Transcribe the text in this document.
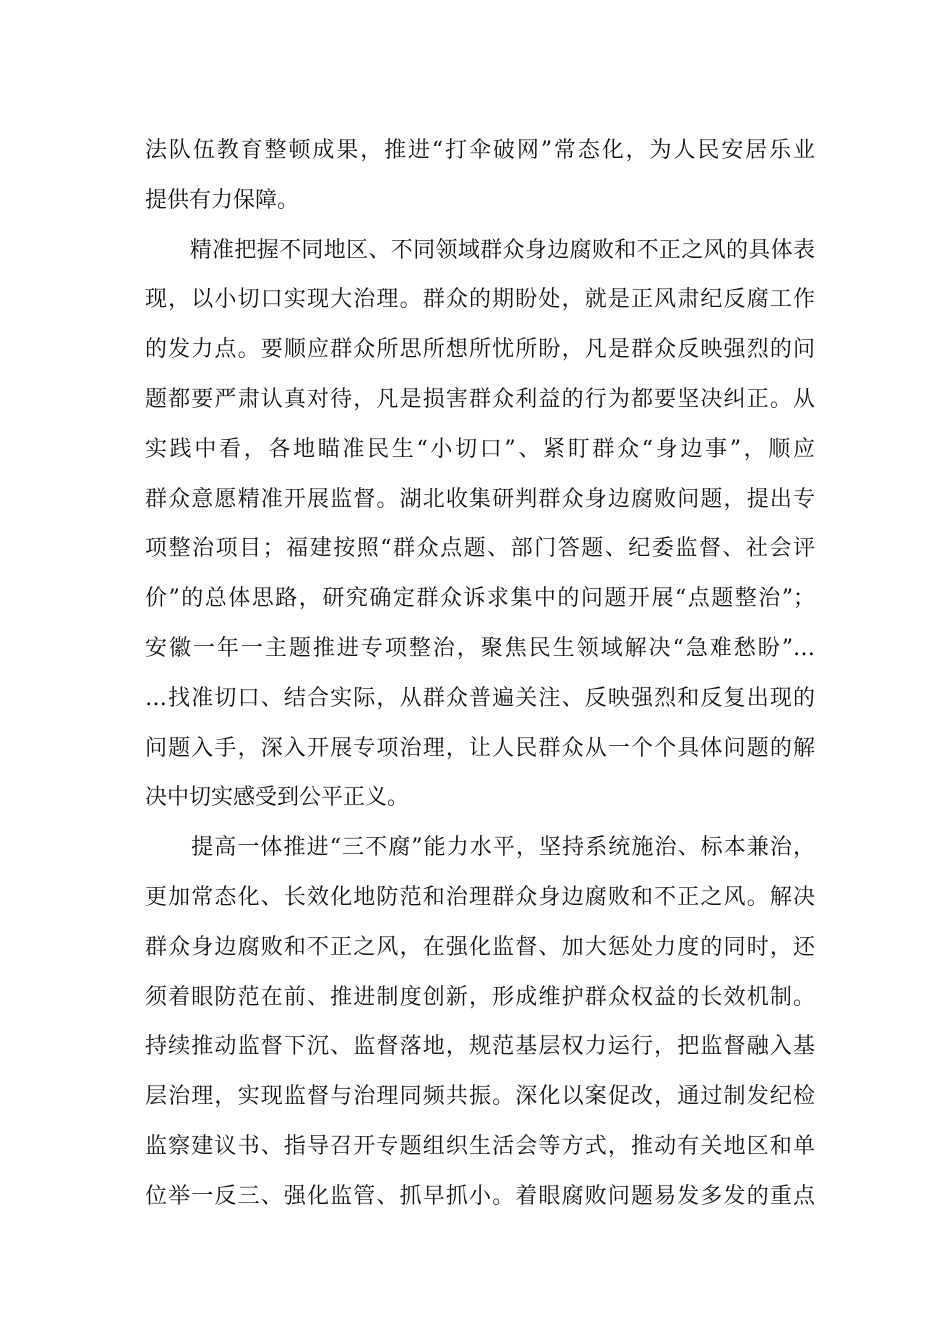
法队伍教育整顿成果，推进“打伞破网”常态化，为人民安居乐业
提供有力保障。
　　精准把握不同地区、不同领域群众身边腐败和不正之风的具体表
现，以小切口实现大治理。群众的期盼处，就是正风肃纪反腐工作
的发力点。要顺应群众所思所想所忧所盼，凡是群众反映强烈的问
题都要严肃认真对待，凡是损害群众利益的行为都要坚决纠正。从
实践中看，各地瞄准民生“小切口”、紧盯群众“身边事”，顺应
群众意愿精准开展监督。湖北收集研判群众身边腐败问题，提出专
项整治项目；福建按照“群众点题、部门答题、纪委监督、社会评
价”的总体思路，研究确定群众诉求集中的问题开展“点题整治”；
安徽一年一主题推进专项整治，聚焦民生领域解决“急难愁盼”…
…找准切口、结合实际，从群众普遍关注、反映强烈和反复出现的
问题入手，深入开展专项治理，让人民群众从一个个具体问题的解
决中切实感受到公平正义。
　　提高一体推进“三不腐”能力水平，坚持系统施治、标本兼治，
更加常态化、长效化地防范和治理群众身边腐败和不正之风。解决
群众身边腐败和不正之风，在强化监督、加大惩处力度的同时，还
须着眼防范在前、推进制度创新，形成维护群众权益的长效机制。
持续推动监督下沉、监督落地，规范基层权力运行，把监督融入基
层治理，实现监督与治理同频共振。深化以案促改，通过制发纪检
监察建议书、指导召开专题组织生活会等方式，推动有关地区和单
位举一反三、强化监管、抓早抓小。着眼腐败问题易发多发的重点
